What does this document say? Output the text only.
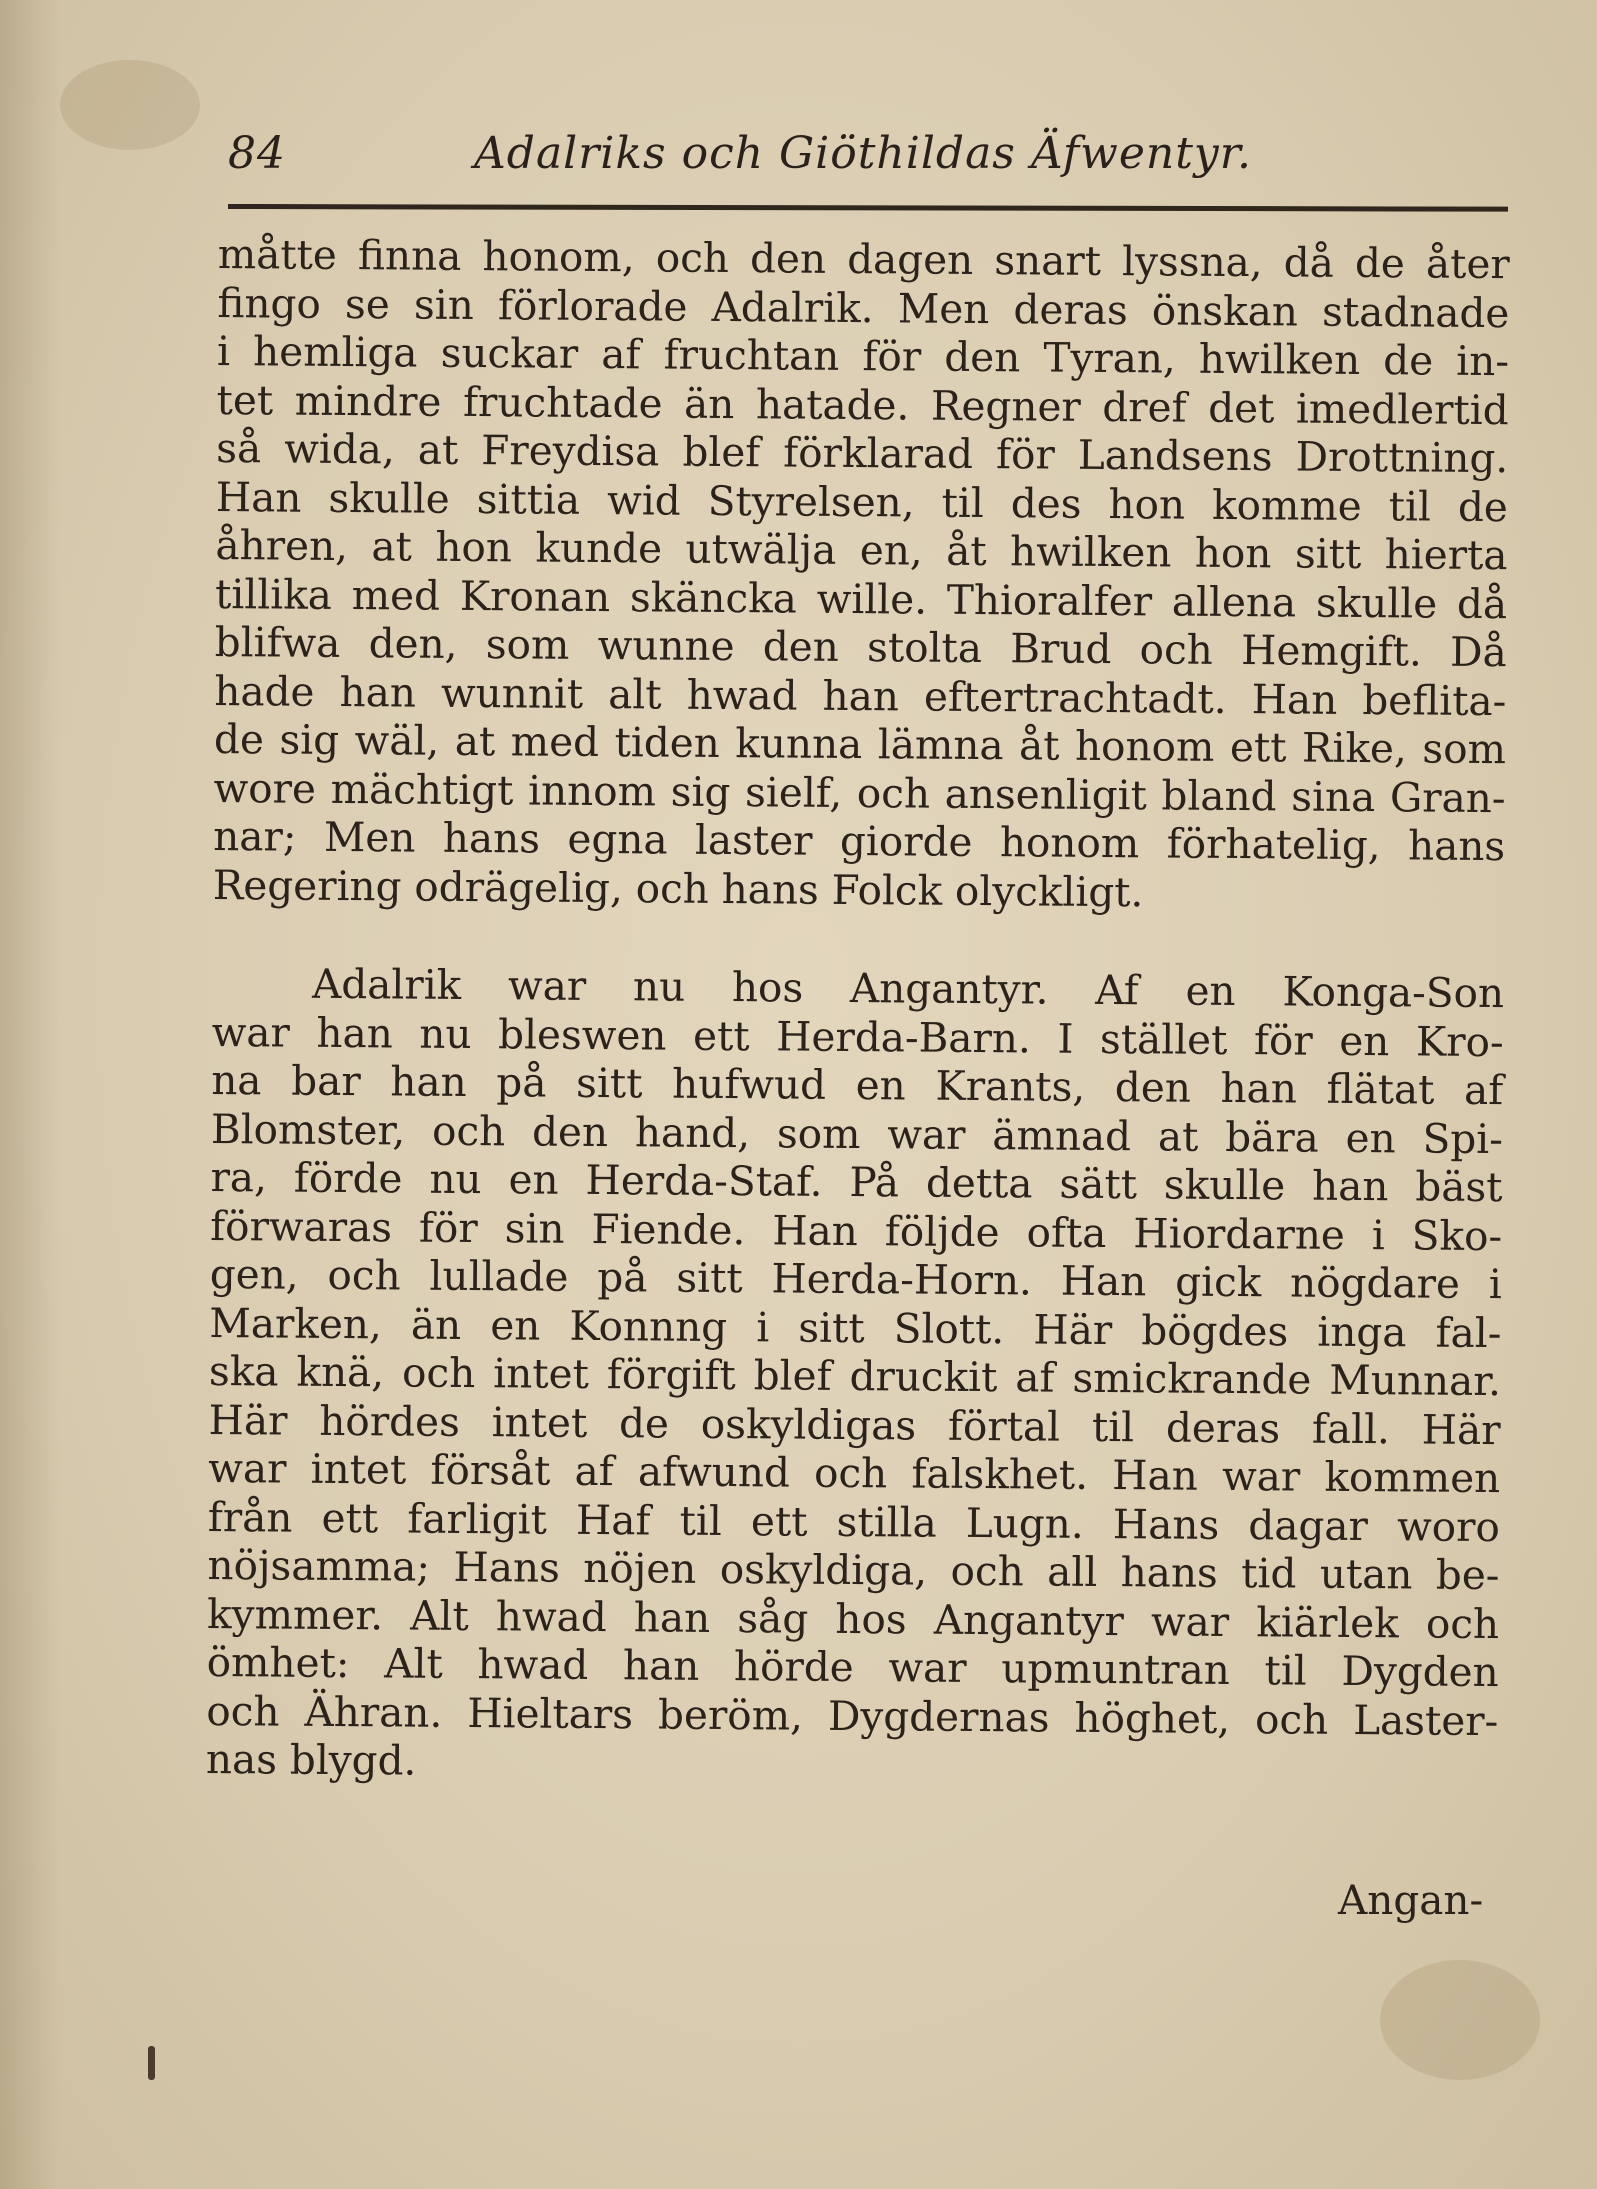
84	Adalriks och Giöthildas Äfwentyr.
måtte finna honom, och den dagen snart lyssna, då de åter
fingo se sin förlorade Adalrik. Men deras önskan stadnade
i hemliga suckar af fruchtan för den Tyran, hwilken de in-
tet mindre fruchtade än hatade. Regner dref det imedlertid
så wida, at Freydisa blef förklarad för Landsens Drottning.
Han skulle sittia wid Styrelsen, til des hon komme til de
åhren, at hon kunde utwälja en, åt hwilken hon sitt hierta
tillika med Kronan skäncka wille. Thioralfer allena skulle då
blifwa den, som wunne den stolta Brud och Hemgift. Då
hade han wunnit alt hwad han eftertrachtadt. Han beflita-
de sig wäl, at med tiden kunna lämna åt honom ett Rike, som
wore mächtigt innom sig sielf, och ansenligit bland sina Gran-
nar; Men hans egna laster giorde honom förhatelig, hans
Regering odrägelig, och hans Folck olyckligt.
Adalrik war nu hos Angantyr. Af en Konga-Son
war han nu bleswen ett Herda-Barn. I stället för en Kro-
na bar han på sitt hufwud en Krants, den han flätat af
Blomster, och den hand, som war ämnad at bära en Spi-
ra, förde nu en Herda-Staf. På detta sätt skulle han bäst
förwaras för sin Fiende. Han följde ofta Hiordarne i Sko-
gen, och lullade på sitt Herda-Horn. Han gick nögdare i
Marken, än en Konnng i sitt Slott. Här bögdes inga fal-
ska knä, och intet förgift blef druckit af smickrande Munnar.
Här hördes intet de oskyldigas förtal til deras fall. Här
war intet försåt af afwund och falskhet. Han war kommen
från ett farligit Haf til ett stilla Lugn. Hans dagar woro
nöjsamma; Hans nöjen oskyldiga, och all hans tid utan be-
kymmer. Alt hwad han såg hos Angantyr war kiärlek och
ömhet: Alt hwad han hörde war upmuntran til Dygden
och Ähran. Hieltars beröm, Dygdernas höghet, och Laster-
nas blygd.
Angan-
